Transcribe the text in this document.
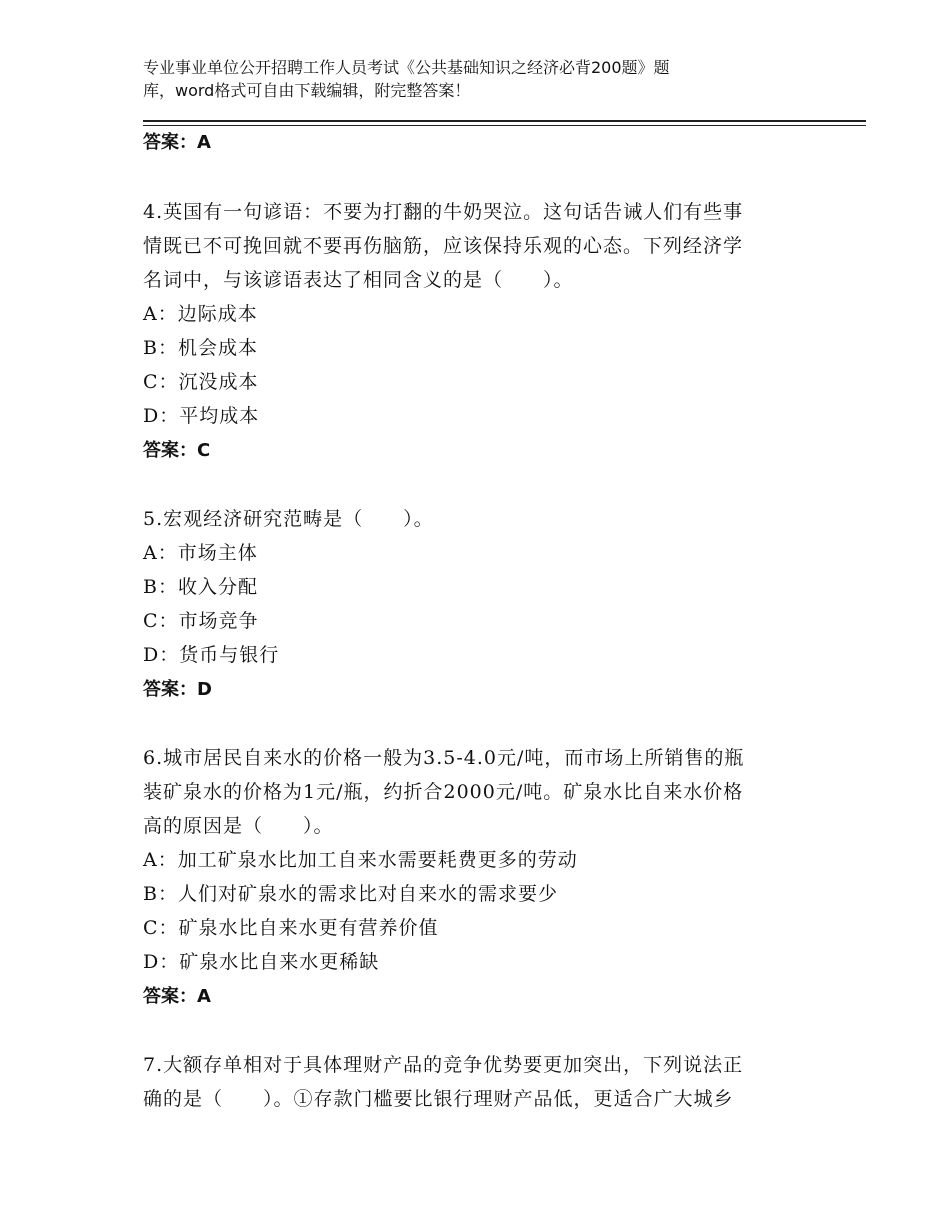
专业事业单位公开招聘工作人员考试《公共基础知识之经济必背200题》题
库，word格式可自由下载编辑，附完整答案！
答案：A
4.英国有一句谚语：不要为打翻的牛奶哭泣。这句话告诫人们有些事
情既已不可挽回就不要再伤脑筋，应该保持乐观的心态。下列经济学
名词中，与该谚语表达了相同含义的是（　　）。
A：边际成本
B：机会成本
C：沉没成本
D：平均成本
答案：C
5.宏观经济研究范畴是（　　）。
A：市场主体
B：收入分配
C：市场竞争
D：货币与银行
答案：D
6.城市居民自来水的价格一般为3.5-4.0元/吨，而市场上所销售的瓶
装矿泉水的价格为1元/瓶，约折合2000元/吨。矿泉水比自来水价格
高的原因是（　　）。
A：加工矿泉水比加工自来水需要耗费更多的劳动
B：人们对矿泉水的需求比对自来水的需求要少
C：矿泉水比自来水更有营养价值
D：矿泉水比自来水更稀缺
答案：A
7.大额存单相对于具体理财产品的竞争优势要更加突出，下列说法正
确的是（　　）。①存款门槛要比银行理财产品低，更适合广大城乡
